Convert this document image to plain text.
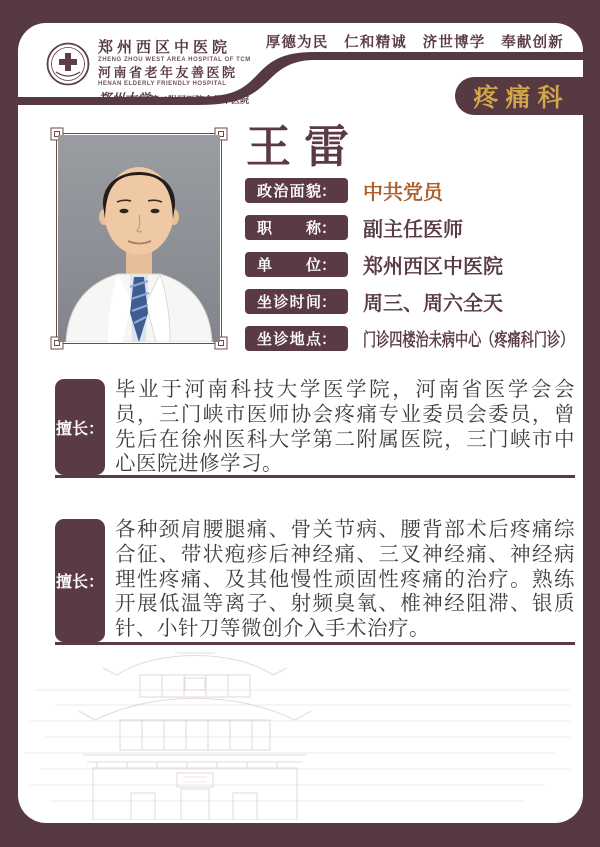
郑州西区中医院
ZHENG ZHOU WEST AREA HOSPITAL OF TCM
河南省老年友善医院
HENAN ELDERLY FRIENDLY HOSPITAL
郑州大学第二附属医院合作中医院
厚德为民　仁和精诚　济世博学　奉献创新
疼痛科
王雷
政治面貌 ： 中共党员
职称 ： 副主任医师
单位 ： 郑州西区中医院
坐诊时间 ： 周三、周六全天
坐诊地点 ： 门诊四楼治未病中心（疼痛科门诊）
擅长 ：
毕业于河南科技大学医学院，河南省医学会会员，三门峡市医师协会疼痛专业委员会委员，曾先后在徐州医科大学第二附属医院，三门峡市中心医院进修学习。
擅长 ：
各种颈肩腰腿痛、骨关节病、腰背部术后疼痛综合征、带状疱疹后神经痛、三叉神经痛、神经病理性疼痛、及其他慢性顽固性疼痛的治疗。熟练开展低温等离子、射频臭氧、椎神经阻滞、银质针、小针刀等微创介入手术治疗。
